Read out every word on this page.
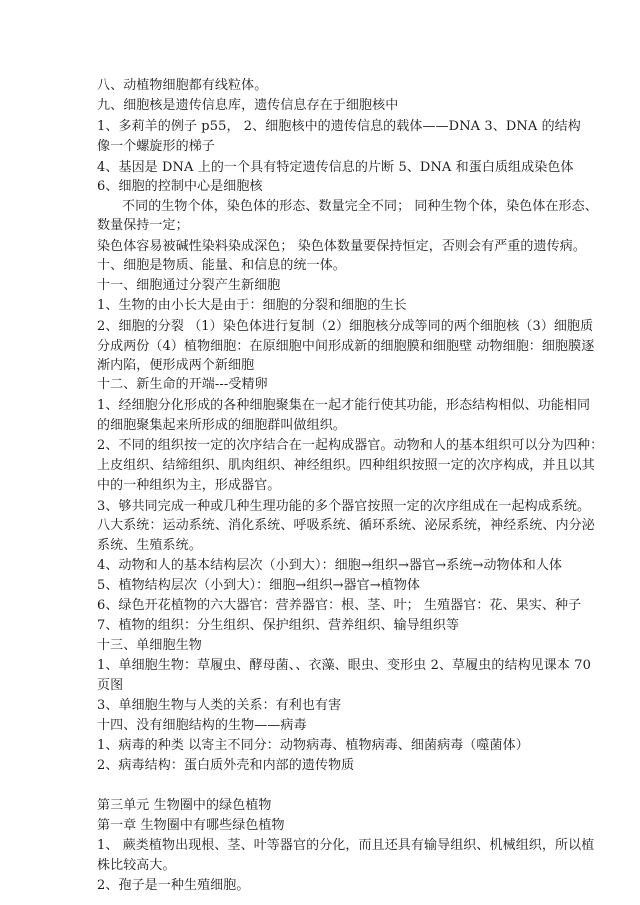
八、动植物细胞都有线粒体。
九、细胞核是遗传信息库，遗传信息存在于细胞核中
1、多莉羊的例子 p55， 2、细胞核中的遗传信息的载体——DNA 3、DNA 的结构
像一个螺旋形的梯子
4、基因是 DNA 上的一个具有特定遗传信息的片断 5、DNA 和蛋白质组成染色体
6、细胞的控制中心是细胞核
不同的生物个体，染色体的形态、数量完全不同； 同种生物个体，染色体在形态、
数量保持一定；
染色体容易被碱性染料染成深色； 染色体数量要保持恒定，否则会有严重的遗传病。
十、细胞是物质、能量、和信息的统一体。
十一、细胞通过分裂产生新细胞
1、生物的由小长大是由于：细胞的分裂和细胞的生长
2、细胞的分裂 （1）染色体进行复制（2）细胞核分成等同的两个细胞核（3）细胞质
分成两份（4）植物细胞：在原细胞中间形成新的细胞膜和细胞壁 动物细胞：细胞膜逐
渐内陷，便形成两个新细胞
十二、新生命的开端---受精卵
1、经细胞分化形成的各种细胞聚集在一起才能行使其功能，形态结构相似、功能相同
的细胞聚集起来所形成的细胞群叫做组织。
2、不同的组织按一定的次序结合在一起构成器官。动物和人的基本组织可以分为四种：
上皮组织、结缔组织、肌肉组织、神经组织。四种组织按照一定的次序构成，并且以其
中的一种组织为主，形成器官。
3、够共同完成一种或几种生理功能的多个器官按照一定的次序组成在一起构成系统。
八大系统：运动系统、消化系统、呼吸系统、循环系统、泌尿系统，神经系统、内分泌
系统、生殖系统。
4、动物和人的基本结构层次（小到大）：细胞→组织→器官→系统→动物体和人体
5、植物结构层次（小到大）：细胞→组织→器官→植物体
6、绿色开花植物的六大器官：营养器官：根、茎、叶； 生殖器官：花、果实、种子
7、植物的组织：分生组织、保护组织、营养组织、输导组织等
十三、单细胞生物
1、单细胞生物：草履虫、酵母菌、、衣藻、眼虫、变形虫 2、草履虫的结构见课本 70
页图
3、单细胞生物与人类的关系：有利也有害
十四、没有细胞结构的生物——病毒
1、病毒的种类 以寄主不同分：动物病毒、植物病毒、细菌病毒（噬菌体）
2、病毒结构：蛋白质外壳和内部的遗传物质
第三单元 生物圈中的绿色植物
第一章 生物圈中有哪些绿色植物
1、 蕨类植物出现根、茎、叶等器官的分化，而且还具有输导组织、机械组织，所以植
株比较高大。
2、孢子是一种生殖细胞。
